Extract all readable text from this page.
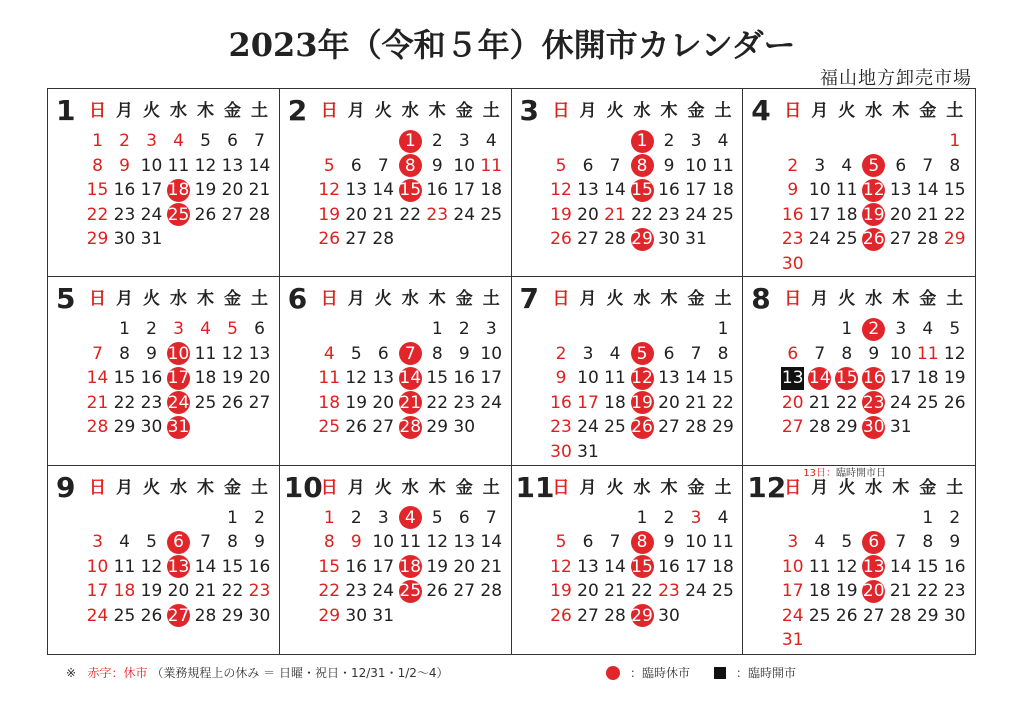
2023年（令和５年）休開市カレンダー
福山地方卸売市場
1 日 月 火 水 木 金 土
1 2 3 4 5 6 7
8 9 10 11 12 13 14
15 16 17 18 19 20 21
22 23 24 25 26 27 28
29 30 31
2 日 月 火 水 木 金 土
1 2 3 4
5 6 7 8 9 10 11
12 13 14 15 16 17 18
19 20 21 22 23 24 25
26 27 28
3 日 月 火 水 木 金 土
1 2 3 4
5 6 7 8 9 10 11
12 13 14 15 16 17 18
19 20 21 22 23 24 25
26 27 28 29 30 31
4 日 月 火 水 木 金 土
1
2 3 4 5 6 7 8
9 10 11 12 13 14 15
16 17 18 19 20 21 22
23 24 25 26 27 28 29
30
5 日 月 火 水 木 金 土
1 2 3 4 5 6
7 8 9 10 11 12 13
14 15 16 17 18 19 20
21 22 23 24 25 26 27
28 29 30 31
6 日 月 火 水 木 金 土
1 2 3
4 5 6 7 8 9 10
11 12 13 14 15 16 17
18 19 20 21 22 23 24
25 26 27 28 29 30
7 日 月 火 水 木 金 土
1
2 3 4 5 6 7 8
9 10 11 12 13 14 15
16 17 18 19 20 21 22
23 24 25 26 27 28 29
30 31
8 日 月 火 水 木 金 土
1 2 3 4 5
6 7 8 9 10 11 12
13 14 15 16 17 18 19
20 21 22 23 24 25 26
27 28 29 30 31
13日：臨時開市日
9 日 月 火 水 木 金 土
1 2
3 4 5 6 7 8 9
10 11 12 13 14 15 16
17 18 19 20 21 22 23
24 25 26 27 28 29 30
10
日 月 火 水 木 金 土
1 2 3 4 5 6 7
8 9 10 11 12 13 14
15 16 17 18 19 20 21
22 23 24 25 26 27 28
29 30 31
11
日 月 火 水 木 金 土
1 2 3 4
5 6 7 8 9 10 11
12 13 14 15 16 17 18
19 20 21 22 23 24 25
26 27 28 29 30
12
日 月 火 水 木 金 土
1 2
3 4 5 6 7 8 9
10 11 12 13 14 15 16
17 18 19 20 21 22 23
24 25 26 27 28 29 30
31
※ 赤字：休市 （業務規程上の休み ＝ 日曜・祝日・12/31・1/2～4）	：臨時休市	：臨時開市
